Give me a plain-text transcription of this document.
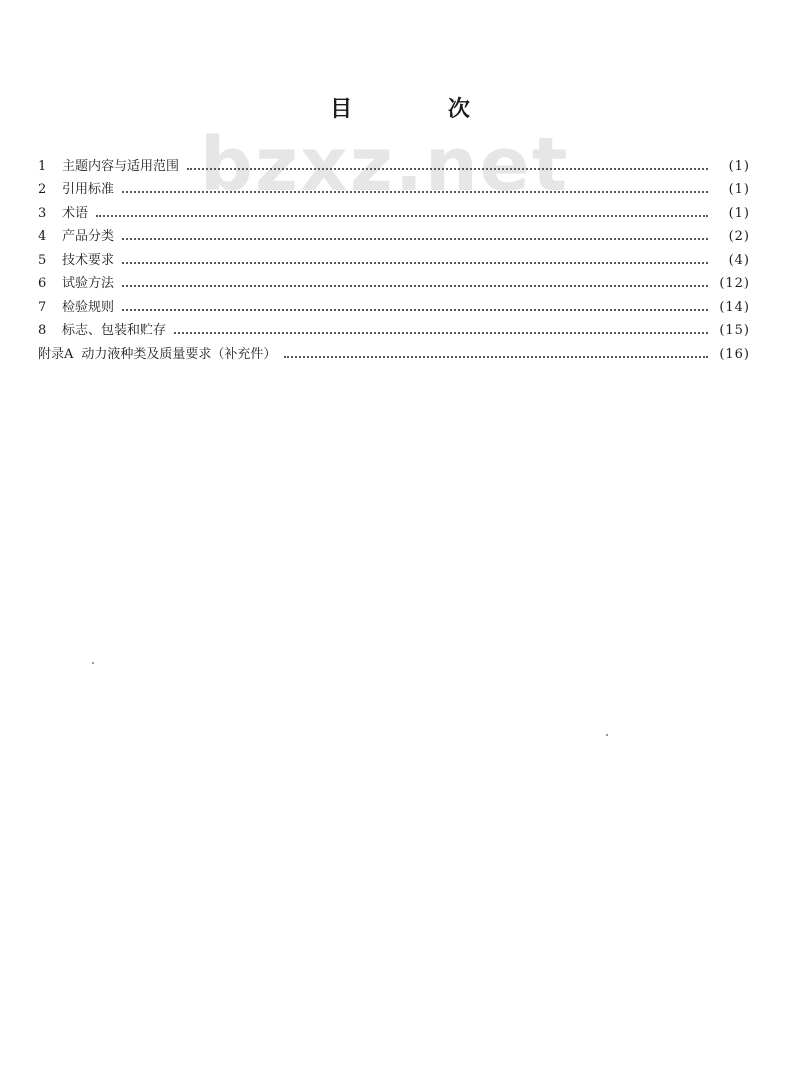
bzxz.net
目 次
1	主题内容与适用范围	(1)
2	引用标准	(1)
3	术语	(1)
4	产品分类	(2)
5	技术要求	(4)
6	试验方法	(12)
7	检验规则	(14)
8	标志、包装和贮存	(15)
附录A 动力液种类及质量要求（补充件）	(16)
